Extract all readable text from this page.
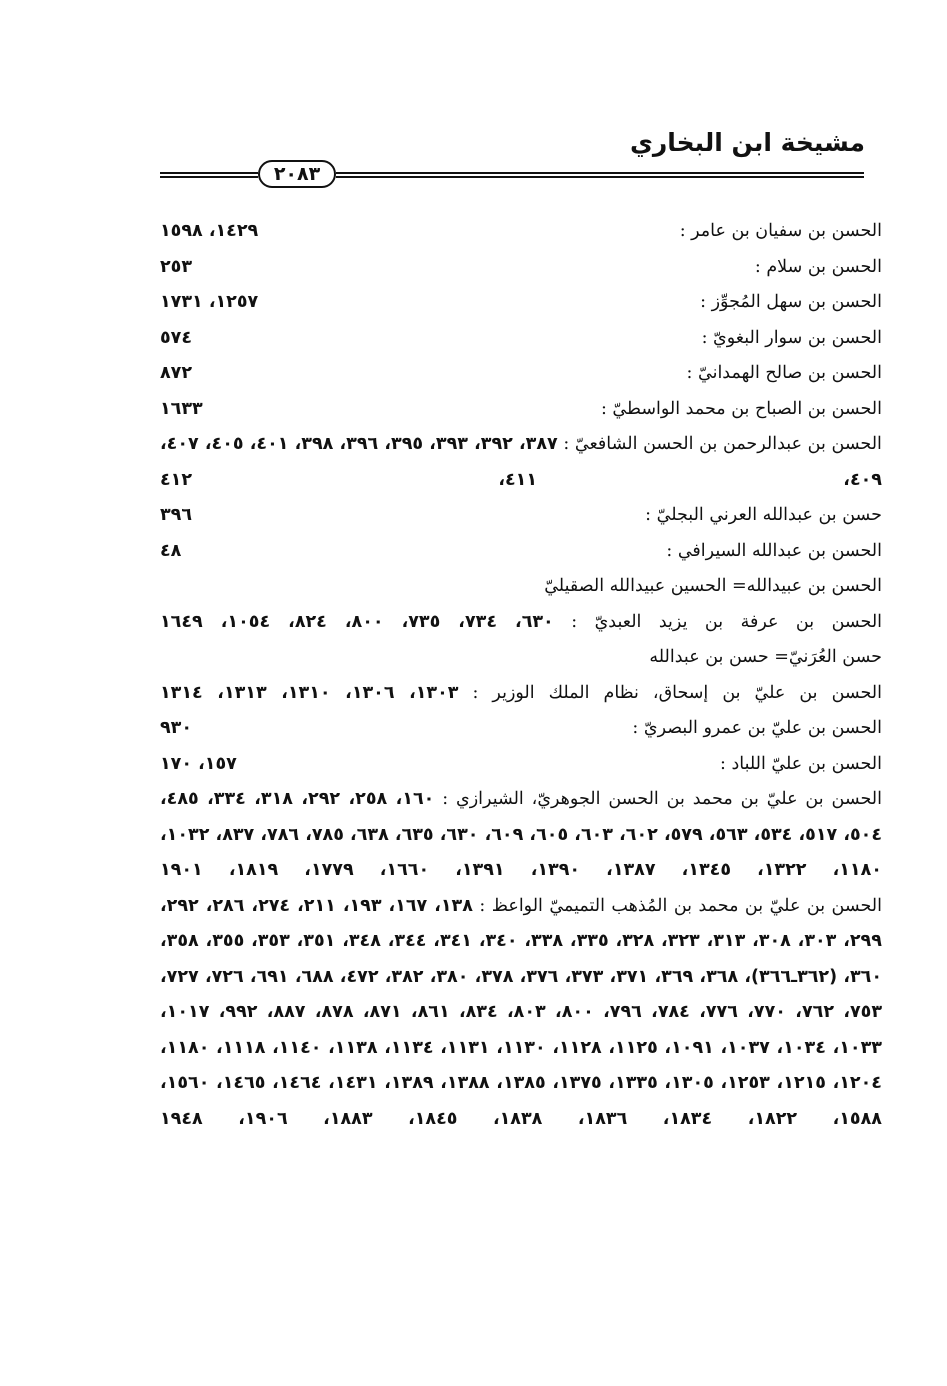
مشيخة ابن البخاري
٢٠٨٣
الحسن بن سفيان بن عامر :
١٤٢٩، ١٥٩٨
الحسن بن سلام :
٢٥٣
الحسن بن سهل المُجوِّز :
١٢٥٧، ١٧٣١
الحسن بن سوار البغويّ :
٥٧٤
الحسن بن صالح الهمدانيّ :
٨٧٢
الحسن بن الصباح بن محمد الواسطيّ :
١٦٣٣
الحسن بن عبدالرحمن بن الحسن الشافعيّ : ٣٨٧، ٣٩٢، ٣٩٣، ٣٩٥، ٣٩٦، ٣٩٨، ٤٠١، ٤٠٥، ٤٠٧، ٤٠٩، ٤١١، ٤١٢
حسن بن عبدالله العرني البجليّ :
٣٩٦
الحسن بن عبدالله السيرافي :
٤٨
الحسن بن عبيدالله= الحسين عبيدالله الصقيليّ
الحسن بن عرفة بن يزيد العبديّ : ٦٣٠، ٧٣٤، ٧٣٥، ٨٠٠، ٨٢٤، ١٠٥٤، ١٦٤٩
حسن العُرَنيّ= حسن بن عبدالله
الحسن بن عليّ بن إسحاق، نظام الملك الوزير : ١٣٠٣، ١٣٠٦، ١٣١٠، ١٣١٣، ١٣١٤
الحسن بن عليّ بن عمرو البصريّ :
٩٣٠
الحسن بن عليّ اللباد :
١٥٧، ١٧٠
الحسن بن عليّ بن محمد بن الحسن الجوهريّ، الشيرازي : ١٦٠، ٢٥٨، ٢٩٢، ٣١٨، ٣٣٤، ٤٨٥، ٥٠٤، ٥١٧، ٥٣٤، ٥٦٣، ٥٧٩، ٦٠٢، ٦٠٣، ٦٠٥، ٦٠٩، ٦٣٠، ٦٣٥، ٦٣٨، ٧٨٥، ٧٨٦، ٨٣٧، ١٠٣٢، ١١٨٠، ١٣٢٢، ١٣٤٥، ١٣٨٧، ١٣٩٠، ١٣٩١، ١٦٦٠، ١٧٧٩، ١٨١٩، ١٩٠١
الحسن بن عليّ بن محمد بن المُذهب التميميّ الواعظ : ١٣٨، ١٦٧، ١٩٣، ٢١١، ٢٧٤، ٢٨٦، ٢٩٢، ٢٩٩، ٣٠٣، ٣٠٨، ٣١٣، ٣٢٣، ٣٢٨، ٣٣٥، ٣٣٨، ٣٤٠، ٣٤١، ٣٤٤، ٣٤٨، ٣٥١، ٣٥٣، ٣٥٥، ٣٥٨، ٣٦٠، (٣٦٢ـ٣٦٦)، ٣٦٨، ٣٦٩، ٣٧١، ٣٧٣، ٣٧٦، ٣٧٨، ٣٨٠، ٣٨٢، ٤٧٢، ٦٨٨، ٦٩١، ٧٢٦، ٧٢٧، ٧٥٣، ٧٦٢، ٧٧٠، ٧٧٦، ٧٨٤، ٧٩٦، ٨٠٠، ٨٠٣، ٨٣٤، ٨٦١، ٨٧١، ٨٧٨، ٨٨٧، ٩٩٢، ١٠١٧، ١٠٣٣، ١٠٣٤، ١٠٣٧، ١٠٩١، ١١٢٥، ١١٢٨، ١١٣٠، ١١٣١، ١١٣٤، ١١٣٨، ١١٤٠، ١١١٨، ١١٨٠، ١٢٠٤، ١٢١٥، ١٢٥٣، ١٣٠٥، ١٣٣٥، ١٣٧٥، ١٣٨٥، ١٣٨٨، ١٣٨٩، ١٤٣١، ١٤٦٤، ١٤٦٥، ١٥٦٠، ١٥٨٨، ١٨٢٢، ١٨٣٤، ١٨٣٦، ١٨٣٨، ١٨٤٥، ١٨٨٣، ١٩٠٦، ١٩٤٨
